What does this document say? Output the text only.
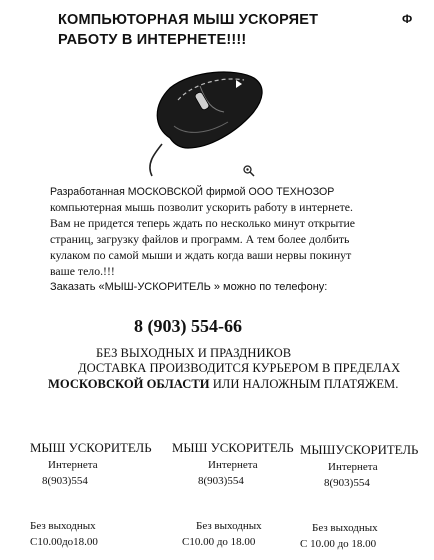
КОМПЬЮТОРНАЯ МЫШ УСКОРЯЕТ
РАБОТУ В ИНТЕРНЕТЕ!!!!
Ф
Разработанная МОСКОВСКОЙ фирмой ООО ТЕХНОЗОР
компьютерная мышь позволит ускорить работу в интернете.
Вам не придется теперь ждать по несколько минут открытие
страниц, загрузку файлов и программ. А тем более долбить
кулаком по самой мыши и ждать когда ваши нервы покинут
ваше тело.!!!
Заказать «МЫШ-УСКОРИТЕЛЬ » можно по телефону:
8 (903) 554-66
БЕЗ ВЫХОДНЫХ И ПРАЗДНИКОВ
ДОСТАВКА ПРОИЗВОДИТСЯ КУРЬЕРОМ В ПРЕДЕЛАХ
МОСКОВСКОЙ ОБЛАСТИ ИЛИ НАЛОЖНЫМ ПЛАТЯЖЕМ.
МЫШ УСКОРИТЕЛЬ
Интернета
8(903)554
Без выходных
С10.00до18.00
МЫШ УСКОРИТЕЛЬ
Интернета
8(903)554
Без выходных
С10.00 до 18.00
МЫШУСКОРИТЕЛЬ
Интернета
8(903)554
Без выходных
С 10.00 до 18.00
